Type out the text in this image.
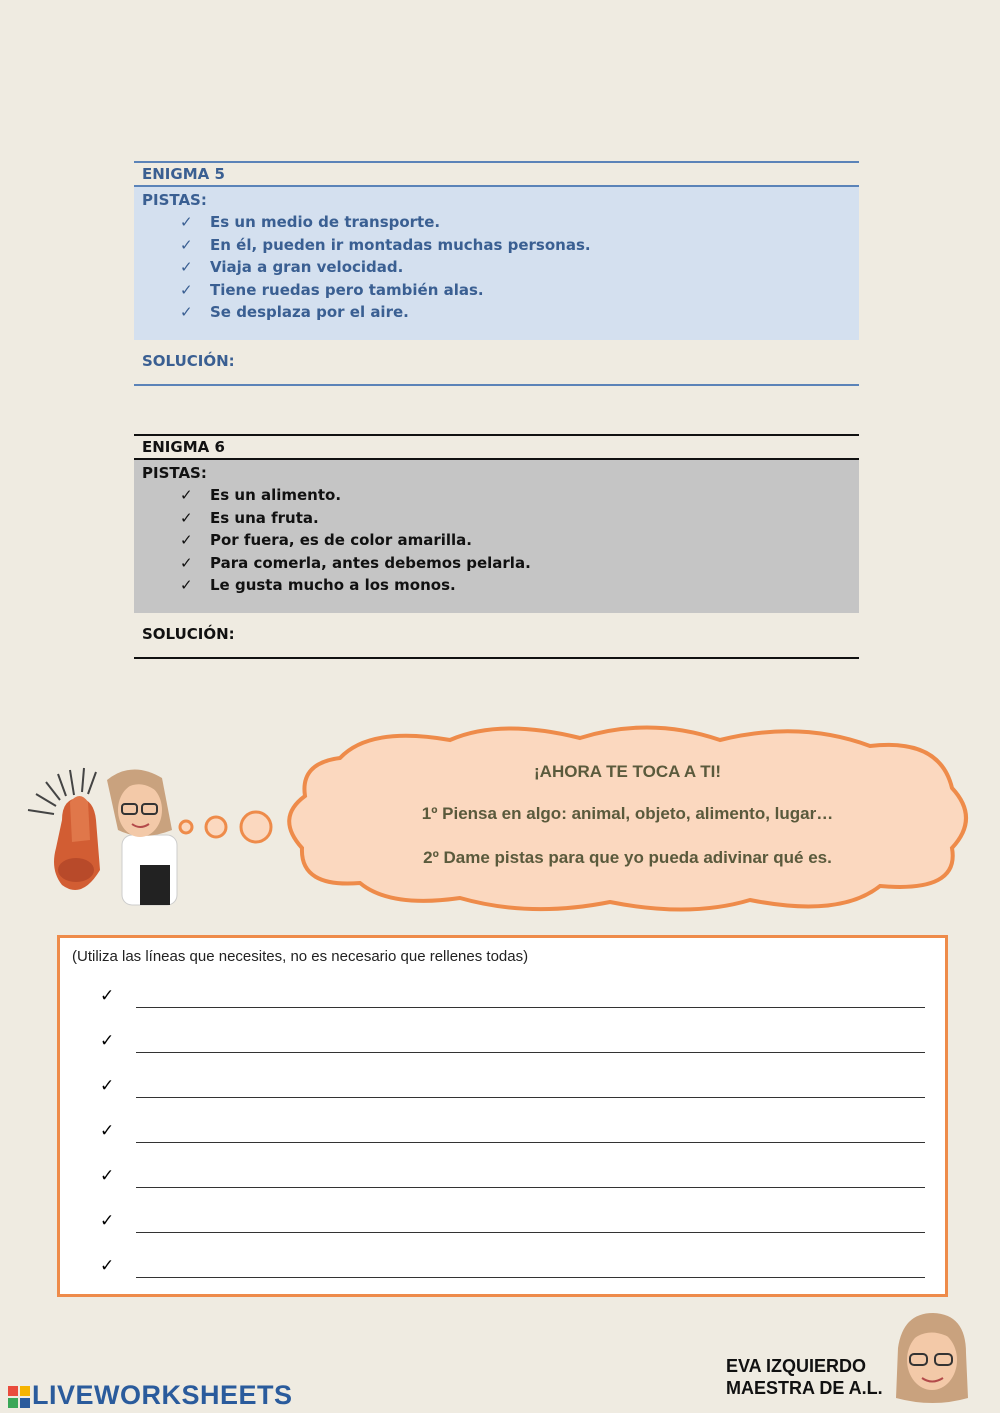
ENIGMA 5
PISTAS:
✓ Es un medio de transporte.
✓ En él, pueden ir montadas muchas personas.
✓ Viaja a gran velocidad.
✓ Tiene ruedas pero también alas.
✓ Se desplaza por el aire.
SOLUCIÓN:
ENIGMA 6
PISTAS:
✓ Es un alimento.
✓ Es una fruta.
✓ Por fuera, es de color amarilla.
✓ Para comerla, antes debemos pelarla.
✓ Le gusta mucho a los monos.
SOLUCIÓN:
¡AHORA TE TOCA A TI!
1º Piensa en algo: animal, objeto, alimento, lugar…
2º Dame pistas para que yo pueda adivinar qué es.
(Utiliza las líneas que necesites, no es necesario que rellenes todas)
✓
✓
✓
✓
✓
✓
✓
EVA IZQUIERDO
MAESTRA DE A.L.
LIVEWORKSHEETS
